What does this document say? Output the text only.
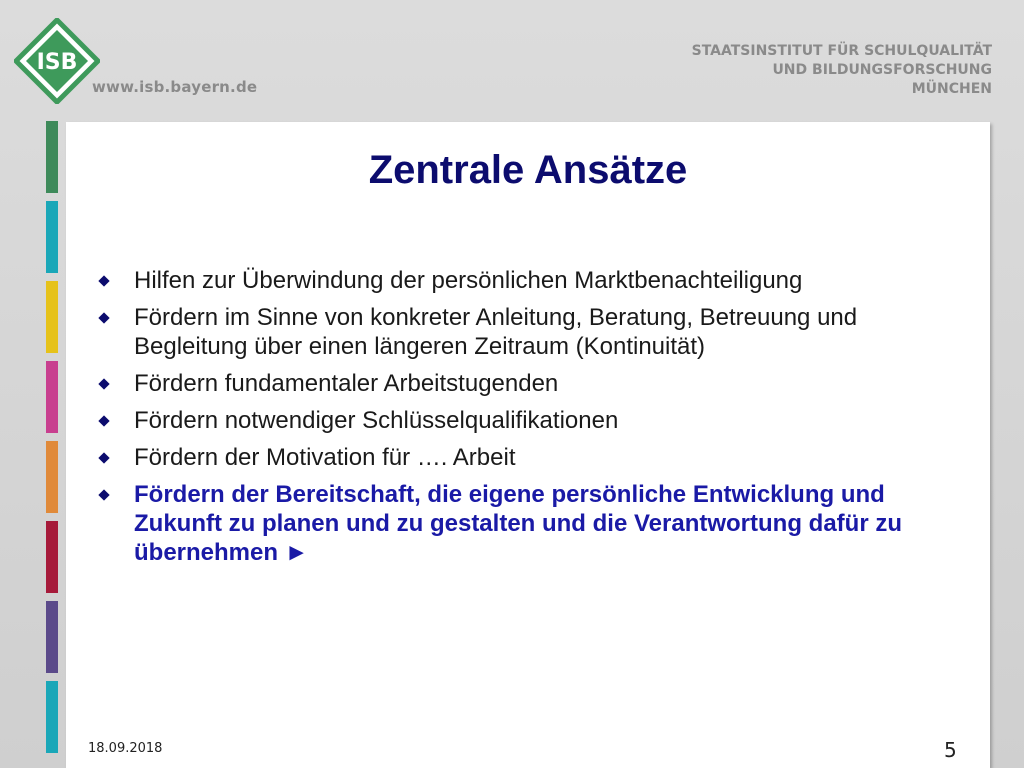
ISB
www.isb.bayern.de
STAATSINSTITUT FÜR SCHULQUALITÄT
UND BILDUNGSFORSCHUNG
MÜNCHEN
Zentrale Ansätze
Hilfen zur Überwindung der persönlichen Marktbenachteiligung
Fördern im Sinne von konkreter Anleitung, Beratung, Betreuung und Begleitung über einen längeren Zeitraum (Kontinuität)
Fördern fundamentaler Arbeitstugenden
Fördern notwendiger Schlüsselqualifikationen
Fördern der Motivation für …. Arbeit
Fördern der Bereitschaft, die eigene persönliche Entwicklung und Zukunft zu planen und zu gestalten und die Verantwortung dafür zu übernehmen ►
18.09.2018	5
